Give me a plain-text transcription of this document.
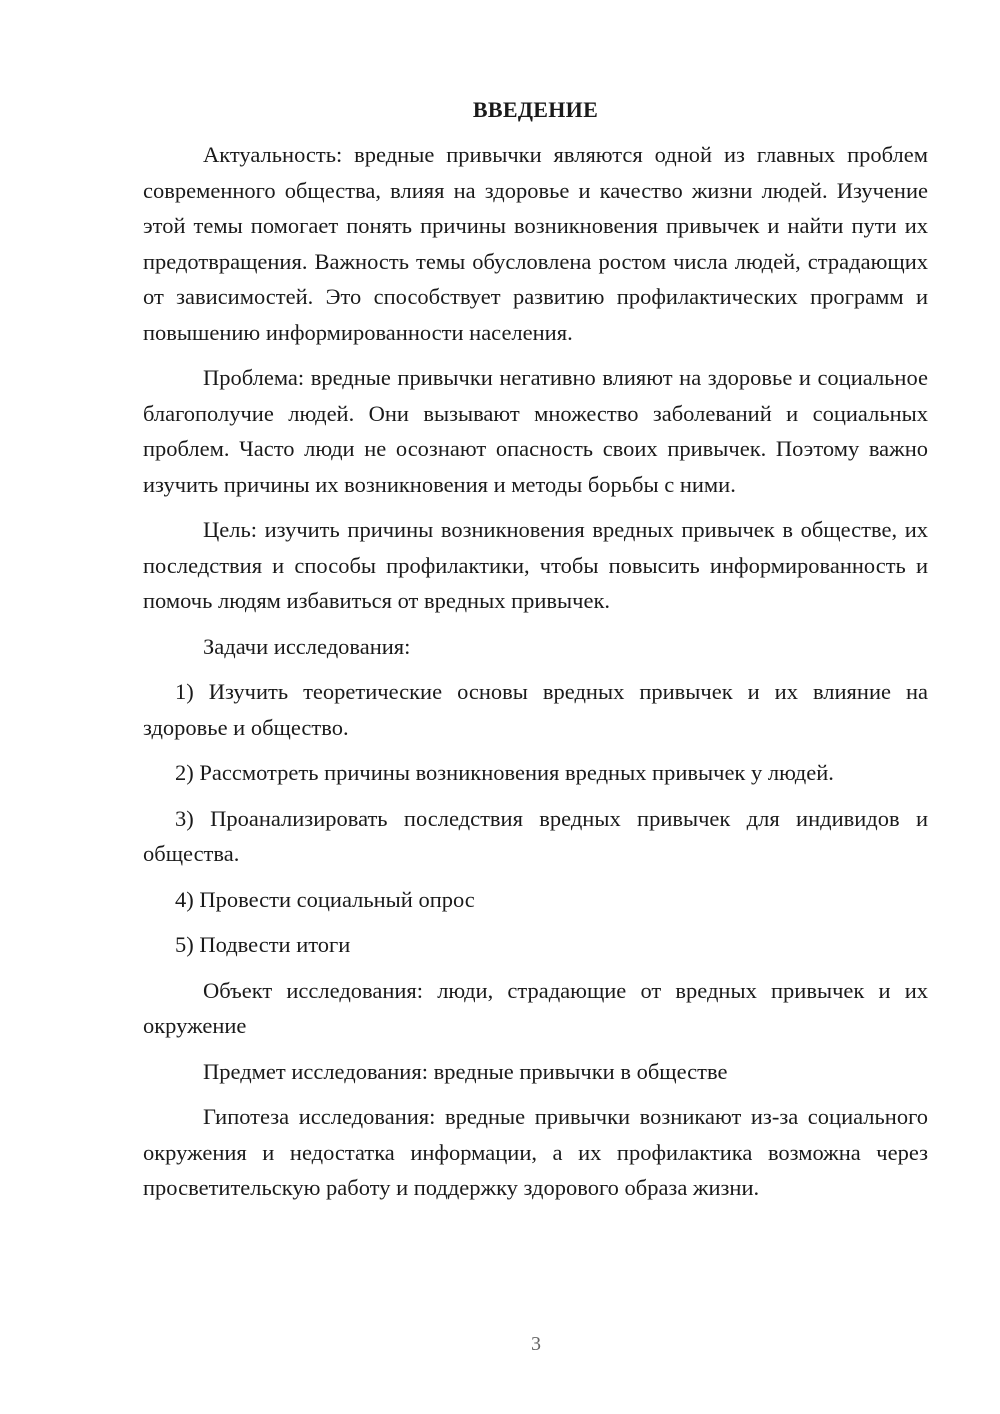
ВВЕДЕНИЕ

Актуальность: вредные привычки являются одной из главных проблем современного общества, влияя на здоровье и качество жизни людей. Изучение этой темы помогает понять причины возникновения привычек и найти пути их предотвращения. Важность темы обусловлена ростом числа людей, страдающих от зависимостей. Это способствует развитию профилактических программ и повышению информированности населения.

Проблема: вредные привычки негативно влияют на здоровье и социальное благополучие людей. Они вызывают множество заболеваний и социальных проблем. Часто люди не осознают опасность своих привычек. Поэтому важно изучить причины их возникновения и методы борьбы с ними.

Цель: изучить причины возникновения вредных привычек в обществе, их последствия и способы профилактики, чтобы повысить информированность и помочь людям избавиться от вредных привычек.

Задачи исследования:

1) Изучить теоретические основы вредных привычек и их влияние на здоровье и общество.

2) Рассмотреть причины возникновения вредных привычек у людей.

3) Проанализировать последствия вредных привычек для индивидов и общества.

4) Провести социальный опрос

5) Подвести итоги

Объект исследования: люди, страдающие от вредных привычек и их окружение

Предмет исследования: вредные привычки в обществе

Гипотеза исследования: вредные привычки возникают из-за социального окружения и недостатка информации, а их профилактика возможна через просветительскую работу и поддержку здорового образа жизни.

3
